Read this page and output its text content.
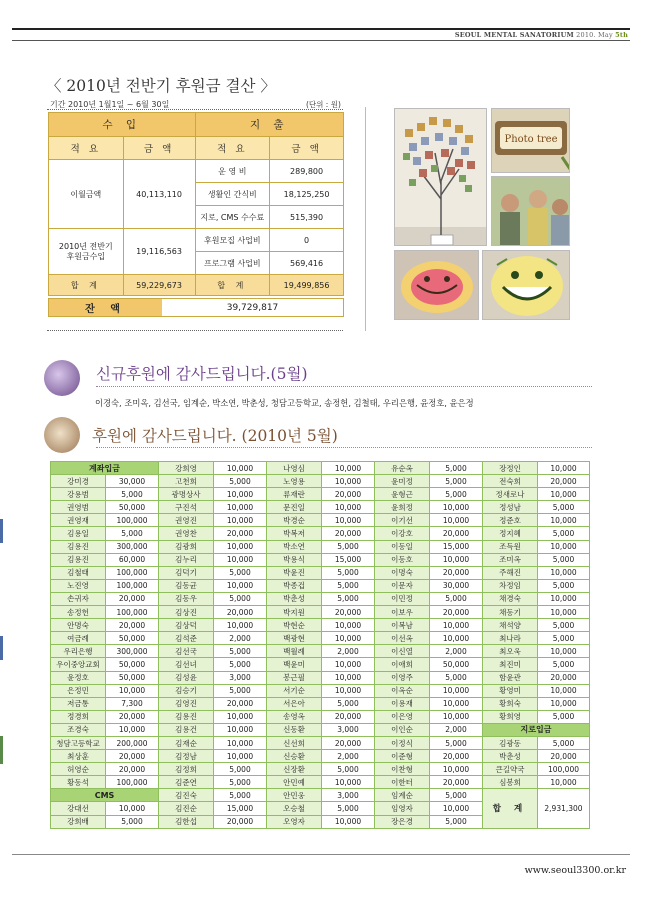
SEOUL MENTAL SANATORIUM 2010. May 5th
〈 2010년 전반기 후원금 결산 〉
기간 2010년 1월1일 ~ 6월 30일	(단위 : 원)
수 입		지 출	
적 요	금 액	적 요	금 액
이월금액	40,113,110	운 영 비	289,800
		생활인 간식비	18,125,250
		지로, CMS 수수료	515,390
2010년 전반기
후원금수입	19,116,563	후원모집 사업비	0
		프로그램 사업비	569,416
합 계	59,229,673	합 계	19,499,856
잔 액	39,729,817
Photo tree
신규후원에 감사드립니다.(5월)
이경숙, 조미옥, 김선국, 임계순, 박소연, 박춘성, 청담고등학교, 송정헌, 김철태, 우리은행, 윤정호, 윤은정
후원에 감사드립니다. (2010년 5월)
계좌입금		강희영	10,000	나영심	10,000	유순옥	5,000	장정인	10,000
강미경	30,000	고천희	5,000	노영용	10,000	윤미정	5,000	전숙희	20,000
강용범	5,000	광명상사	10,000	류재란	20,000	윤형근	5,000	정새로나	10,000
권영범	50,000	구진석	10,000	문진일	10,000	윤희정	10,000	정성남	5,000
권영재	100,000	권영진	10,000	박경순	10,000	이기선	10,000	정준호	10,000
김용일	5,000	권영찬	20,000	박복저	20,000	이강호	20,000	정지혜	5,000
김용진	300,000	김광희	10,000	박소연	5,000	이동일	15,000	조득원	10,000
김용진	60,000	김누리	10,000	박용식	15,000	이동호	10,000	조미옥	5,000
김철태	100,000	김덕기	5,000	박윤진	5,000	이명숙	20,000	주해진	10,000
노진영	100,000	김동균	10,000	박종겁	5,000	이문자	30,000	차정임	5,000
손귀자	20,000	김동우	5,000	박춘성	5,000	이민정	5,000	채경숙	10,000
송정헌	100,000	김상진	20,000	박지원	20,000	이보우	20,000	채동기	10,000
안명숙	20,000	김상덕	10,000	박현순	10,000	이복남	10,000	채석양	5,000
여금례	50,000	김석준	2,000	백광현	10,000	이선옥	10,000	최나라	5,000
우리은행	300,000	김선국	5,000	백월례	2,000	이신열	2,000	최오욱	10,000
우이중앙교회	50,000	김선녀	5,000	백윤미	10,000	이애희	50,000	최진미	5,000
윤정호	50,000	김성윤	3,000	봉근필	10,000	이영주	5,000	함윤관	20,000
은정민	10,000	김승기	5,000	서기순	10,000	이옥순	10,000	황영미	10,000
저금통	7,300	김영진	20,000	서은아	5,000	이용재	10,000	황희숙	10,000
정경희	20,000	김용진	10,000	송영옥	20,000	이은영	10,000	황희영	5,000
조경숙	10,000	김용건	10,000	신동환	3,000	이인순	2,000	지로입금	
청담고등학교	200,000	김재순	10,000	신선희	20,000	이정식	5,000	김광동	5,000
최상훈	20,000	김정남	10,000	신승환	2,000	이준형	20,000	박춘성	20,000
허영순	20,000	김정희	5,000	신장환	5,000	이찬형	10,000	큰길약국	100,000
황동석	100,000	김준연	5,000	안민예	10,000	이한터	20,000	심봉희	10,000
CMS		김진숙	5,000	안민웅	3,000	임계순	5,000	합 계	2,931,300
강대선	10,000	김진순	15,000	오승철	5,000	임영자	10,000		
강희배	5,000	김한섭	20,000	오영자	10,000	장은경	5,000		
www.seoul3300.or.kr
